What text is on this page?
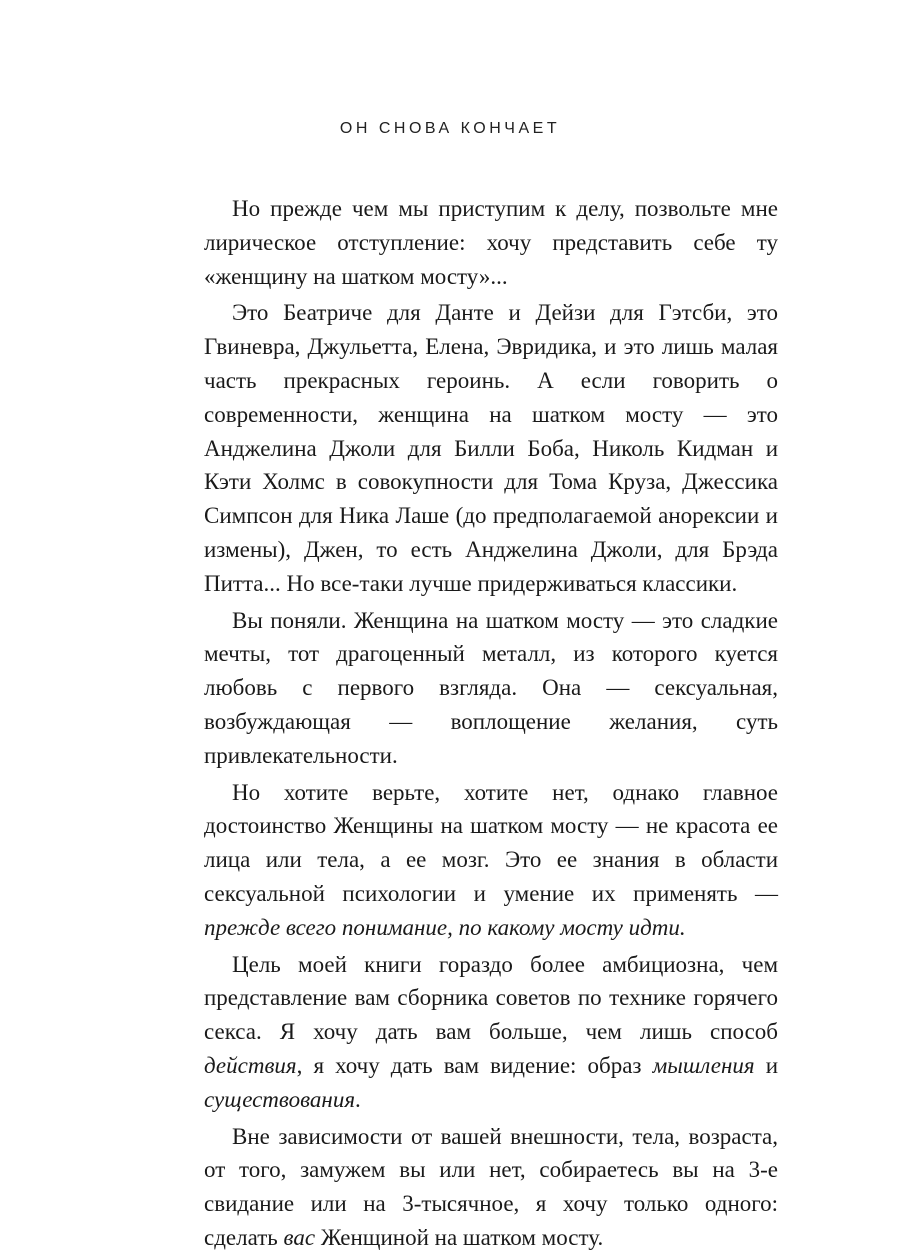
ОН СНОВА КОНЧАЕТ

Но прежде чем мы приступим к делу, позвольте мне лирическое отступление: хочу представить себе ту «женщину на шатком мосту»...

Это Беатриче для Данте и Дейзи для Гэтсби, это Гвиневра, Джульетта, Елена, Эвридика, и это лишь малая часть прекрасных героинь. А если говорить о современности, женщина на шатком мосту — это Анджелина Джоли для Билли Боба, Николь Кидман и Кэти Холмс в совокупности для Тома Круза, Джессика Симпсон для Ника Лаше (до предполагаемой анорексии и измены), Джен, то есть Анджелина Джоли, для Брэда Питта... Но все-таки лучше придерживаться классики.

Вы поняли. Женщина на шатком мосту — это сладкие мечты, тот драгоценный металл, из которого куется любовь с первого взгляда. Она — сексуальная, возбуждающая — воплощение желания, суть привлекательности.

Но хотите верьте, хотите нет, однако главное достоинство Женщины на шатком мосту — не красота ее лица или тела, а ее мозг. Это ее знания в области сексуальной психологии и умение их применять — прежде всего понимание, по какому мосту идти.

Цель моей книги гораздо более амбициозна, чем представление вам сборника советов по технике горячего секса. Я хочу дать вам больше, чем лишь способ действия, я хочу дать вам видение: образ мышления и существования.

Вне зависимости от вашей внешности, тела, возраста, от того, замужем вы или нет, собираетесь вы на 3-е свидание или на 3-тысячное, я хочу только одного: сделать вас Женщиной на шатком мосту.
